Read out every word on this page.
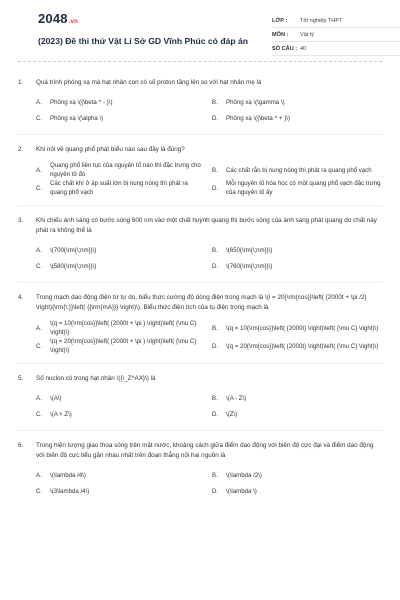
2048.vn
(2023) Đề thi thử Vật Lí Sở GD Vĩnh Phúc có đáp án
LỚP :	Tốt nghiệp THPT
MÔN :	Vật lý
SỐ CÂU : 40
1.	Quá trình phóng xạ mà hạt nhân con có số proton tăng lên so với hạt nhân mẹ là
A.	Phóng xạ \({\beta ^ - }\)	B.	Phóng xạ \(\gamma \)
C.	Phóng xạ \(\alpha \)	D.	Phóng xạ \({\beta ^ + }\)
2.	Khi nói về quang phổ phát biểu nào sau đây là đúng?
A.
Quang phổ liên tục của nguyên tố nào thì đặc trưng cho nguyên tố đó
B.	Các chất rắn bị nung nóng thì phát ra quang phổ vạch
C.
Các chất khí ở áp suất lớn bị nung nóng thì phát ra quang phổ vạch
D.
Mỗi nguyên tố hóa học có một quang phổ vạch đặc trưng của nguyên tố ấy
3.	Khi chiếu ánh sáng có bước sóng 600 nm vào một chất huỳnh quang thì bước sóng của ánh sáng phát quang do chất này phát ra không thể là
A.	\(700{\rm{\;nm}}\)	B.	\(650{\rm{\;nm}}\)
C.	\(580{\rm{\;nm}}\)	D.	\(760{\rm{\;nm}}\)
4.	Trong mạch dao động điện từ tự do, biểu thức cường độ dòng điện trong mạch là \(i = 20{\rm{cos}}\left( {2000t + \pi /2} \right){\rm{\;}}\left( {{\rm{mA}}} \right)\). Biểu thức điện tích của tụ điện trong mạch là
A.
\(q = 10{\rm{cos}}\left( {2000t + \pi } \right)\left( {\mu C} \right)\)
B.	\(q = 10{\rm{cos}}\left( {2000t} \right)\left( {\mu C} \right)\)
C.
\(q = 20{\rm{cos}}\left( {2000t + \pi } \right)\left( {\mu C} \right)\)
D.	\(q = 20{\rm{cos}}\left( {2000t} \right)\left( {\mu C} \right)\)
5.	Số nuclon có trong hạt nhân \({\_Z^AX}\) là
A.	\(A\)	B.	\(A - Z\)
C.	\(A + Z\)	D.	\(Z\)
6.	Trong hiện tượng giao thoa sóng trên mặt nước, khoảng cách giữa điểm dao động với biên độ cực đại và điểm dao động với biên độ cực tiểu gần nhau nhất trên đoạn thẳng nối hai nguồn là
A.	\(\lambda /4\)	B.	\(\lambda /2\)
C.	\(3\lambda /4\)	D.	\(\lambda \)
